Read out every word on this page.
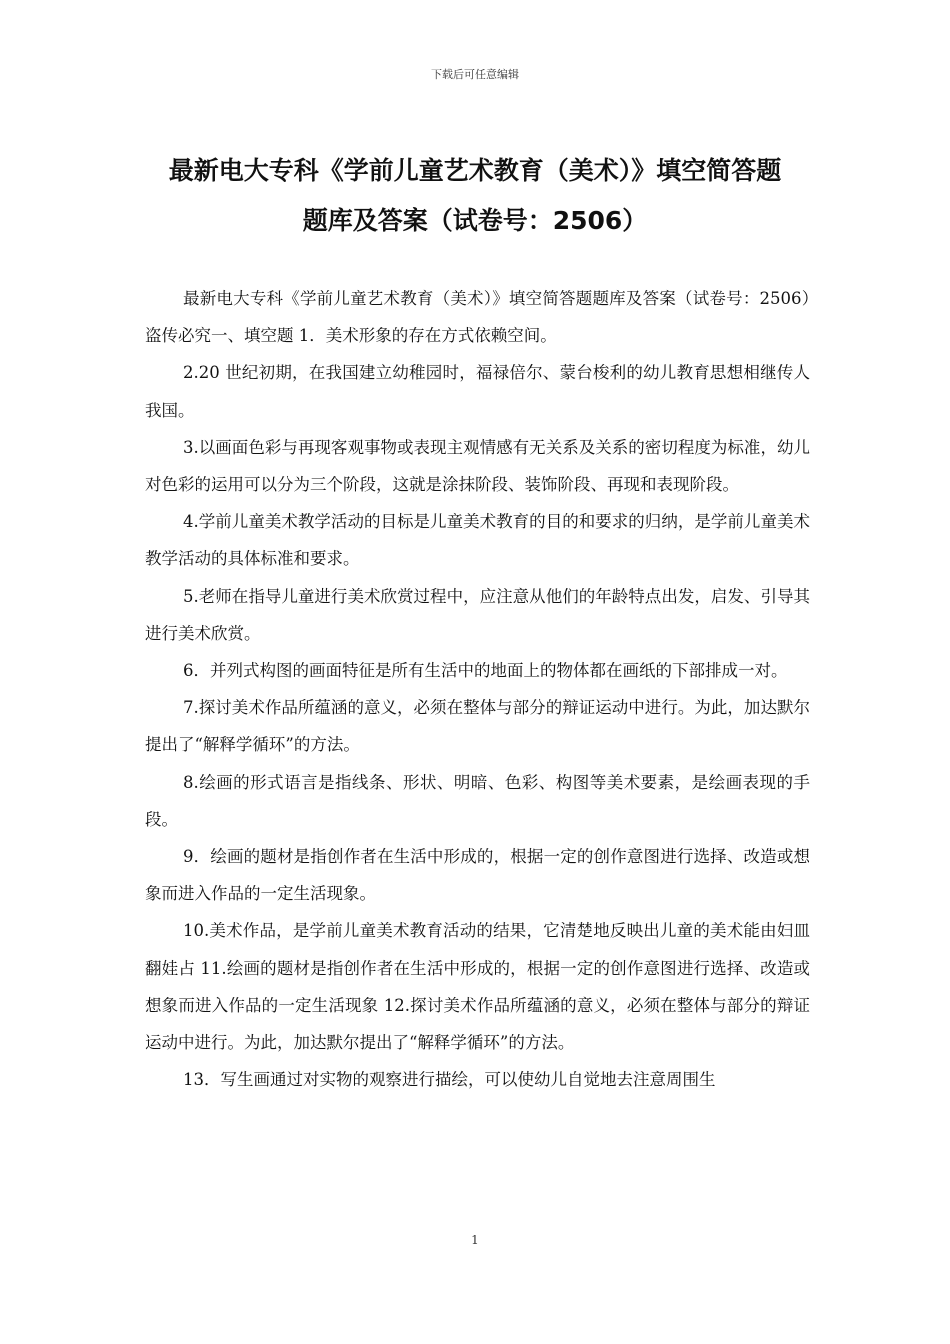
下载后可任意编辑
最新电大专科《学前儿童艺术教育（美术）》填空简答题
题库及答案（试卷号：2506）

最新电大专科《学前儿童艺术教育（美术）》填空简答题题库及答案（试卷号：2506）盗传必究一、填空题 1．美术形象的存在方式依赖空间。

2.20 世纪初期，在我国建立幼稚园时，福禄倍尔、蒙台梭利的幼儿教育思想相继传人我国。

3.以画面色彩与再现客观事物或表现主观情感有无关系及关系的密切程度为标准，幼儿对色彩的运用可以分为三个阶段，这就是涂抹阶段、装饰阶段、再现和表现阶段。

4.学前儿童美术教学活动的目标是儿童美术教育的目的和要求的归纳，是学前儿童美术教学活动的具体标准和要求。

5.老师在指导儿童进行美术欣赏过程中，应注意从他们的年龄特点出发，启发、引导其进行美术欣赏。

6．并列式构图的画面特征是所有生活中的地面上的物体都在画纸的下部排成一对。

7.探讨美术作品所蕴涵的意义，必须在整体与部分的辩证运动中进行。为此，加达默尔提出了“解释学循环”的方法。

8.绘画的形式语言是指线条、形状、明暗、色彩、构图等美术要素，是绘画表现的手段。

9．绘画的题材是指创作者在生活中形成的，根据一定的创作意图进行选择、改造或想象而进入作品的一定生活现象。

10.美术作品，是学前儿童美术教育活动的结果，它清楚地反映出儿童的美术能由妇皿翻娃占 11.绘画的题材是指创作者在生活中形成的，根据一定的创作意图进行选择、改造或想象而进入作品的一定生活现象 12.探讨美术作品所蕴涵的意义，必须在整体与部分的辩证运动中进行。为此，加达默尔提出了“解释学循环”的方法。

13．写生画通过对实物的观察进行描绘，可以使幼儿自觉地去注意周围生

1
